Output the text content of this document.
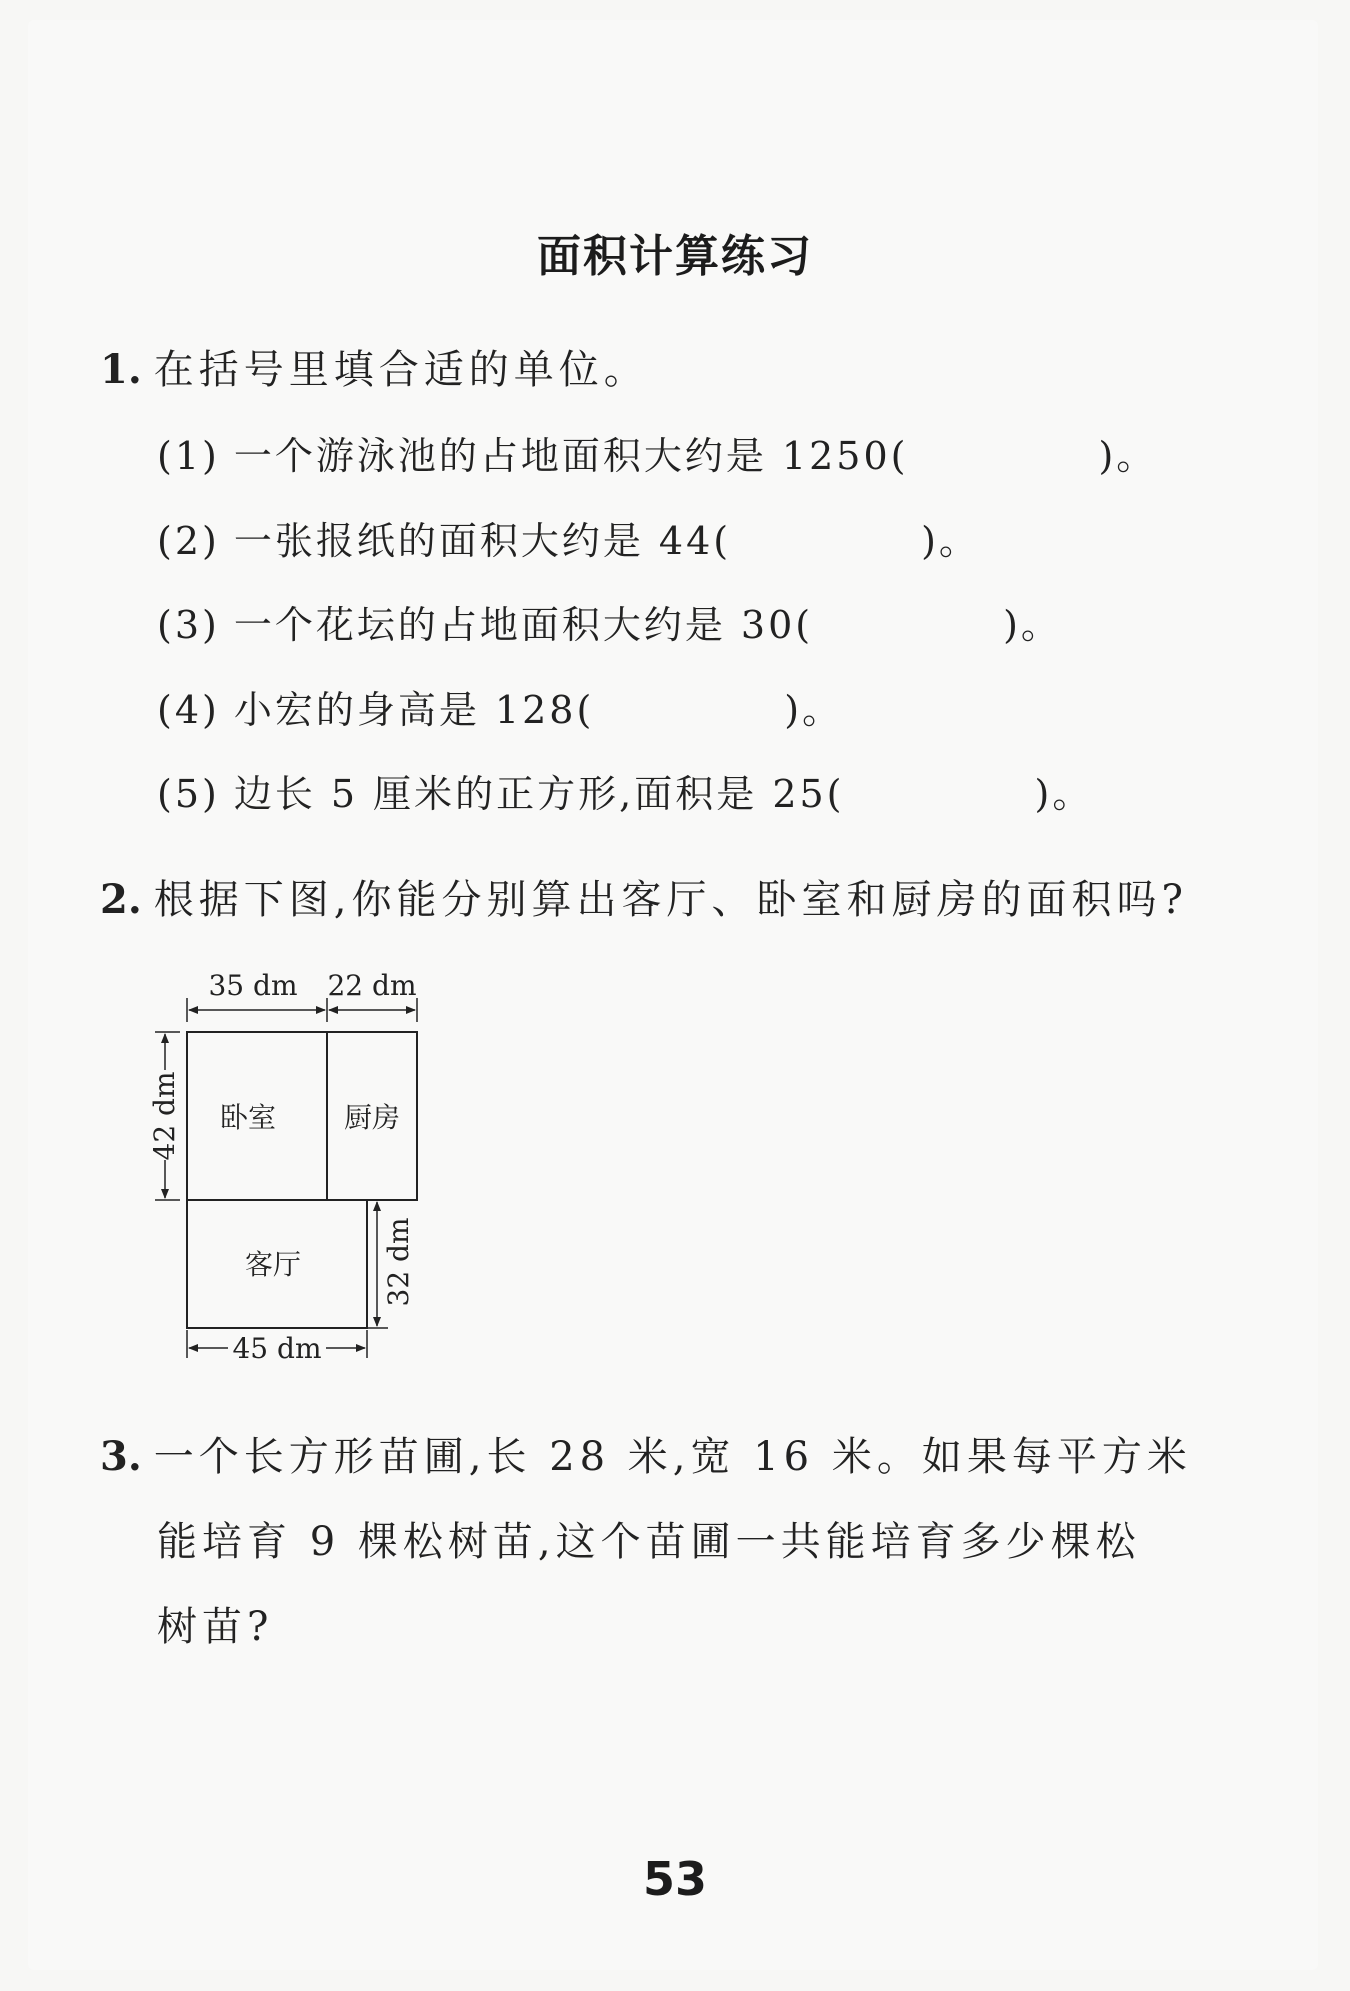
面积计算练习
1. 在括号里填合适的单位。
(1) 一个游泳池的占地面积大约是 1250(	)。
(2) 一张报纸的面积大约是 44(	)。
(3) 一个花坛的占地面积大约是 30(	)。
(4) 小宏的身高是 128(	)。
(5) 边长 5 厘米的正方形,面积是 25(	)。
2. 根据下图,你能分别算出客厅、卧室和厨房的面积吗?
35 dm 22 dm
42 dm 卧室 厨房
客厅	32 dm
45 dm
3. 一个长方形苗圃,长 28 米,宽 16 米。如果每平方米
能培育 9 棵松树苗,这个苗圃一共能培育多少棵松
树苗?
53
